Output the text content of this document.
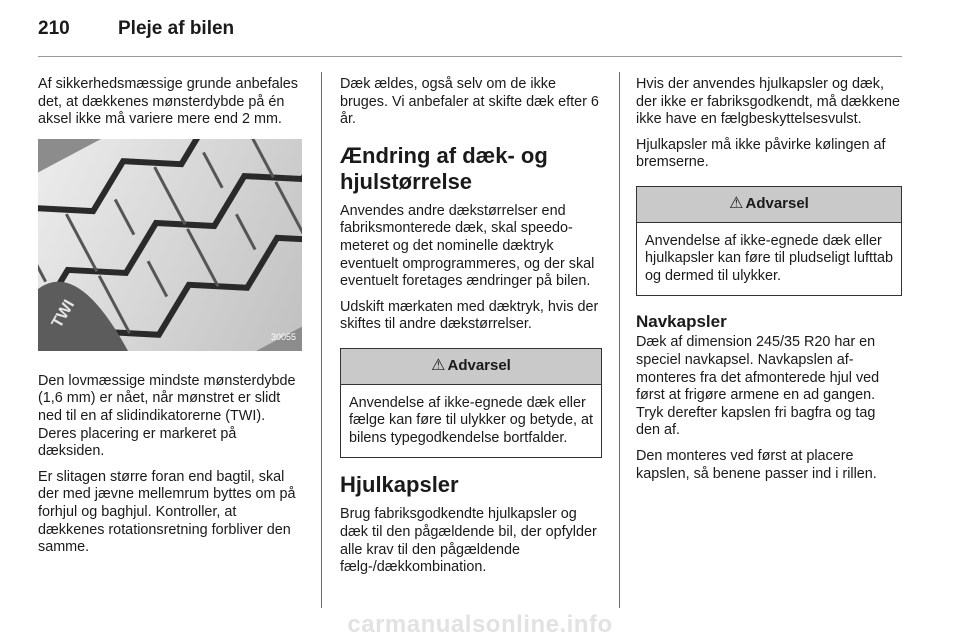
210	Pleje af bilen

Af sikkerhedsmæssige grunde anbefales det, at dækkenes mønsterdybde på én aksel ikke må variere mere end 2 mm.

TWI
30055

Den lovmæssige mindste mønsterdybde (1,6 mm) er nået, når mønstret er slidt ned til en af slidindikatorerne (TWI). Deres placering er markeret på dæksiden.

Er slitagen større foran end bagtil, skal der med jævne mellemrum byttes om på forhjul og baghjul. Kontroller, at dækkenes rotationsretning forbliver den samme.

Dæk ældes, også selv om de ikke bruges. Vi anbefaler at skifte dæk efter 6 år.

Ændring af dæk- og hjulstørrelse

Anvendes andre dækstørrelser end fabriksmonterede dæk, skal speedometeret og det nominelle dæktryk eventuelt omprogrammeres, og der skal eventuelt foretages ændringer på bilen.

Udskift mærkaten med dæktryk, hvis der skiftes til andre dækstørrelser.

⚠ Advarsel

Anvendelse af ikke-egnede dæk eller fælge kan føre til ulykker og betyde, at bilens typegodkendelse bortfalder.

Hjulkapsler

Brug fabriksgodkendte hjulkapsler og dæk til den pågældende bil, der opfylder alle krav til den pågældende fælg-/dækkombination.

Hvis der anvendes hjulkapsler og dæk, der ikke er fabriksgodkendt, må dækkene ikke have en fælgbeskyttelsesvulst.

Hjulkapsler må ikke påvirke kølingen af bremserne.

⚠ Advarsel

Anvendelse af ikke-egnede dæk eller hjulkapsler kan føre til pludseligt lufttab og dermed til ulykker.

Navkapsler

Dæk af dimension 245/35 R20 har en speciel navkapsel. Navkapslen afmonteres fra det afmonterede hjul ved først at frigøre armene en ad gangen. Tryk derefter kapslen fri bagfra og tag den af.

Den monteres ved først at placere kapslen, så benene passer ind i rillen.

carmanualsonline.info
